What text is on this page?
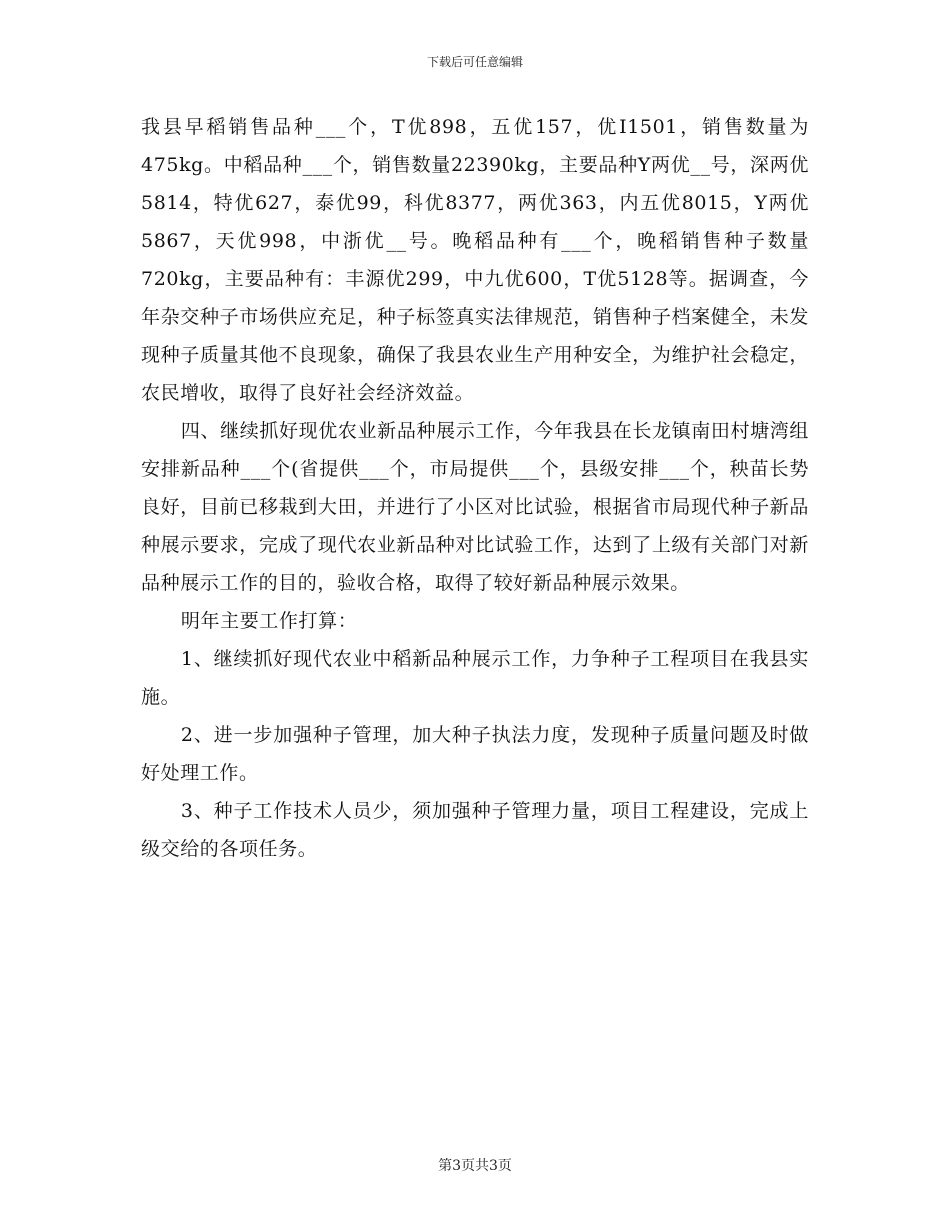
下载后可任意编辑

我县早稻销售品种___个，T优898，五优157，优I1501，销售数量为475kg。中稻品种___个，销售数量22390kg，主要品种Y两优__号，深两优5814，特优627，泰优99，科优8377，两优363，内五优8015，Y两优5867，天优998，中浙优__号。晚稻品种有___个，晚稻销售种子数量720kg，主要品种有：丰源优299，中九优600，T优5128等。据调查，今年杂交种子市场供应充足，种子标签真实法律规范，销售种子档案健全，未发现种子质量其他不良现象，确保了我县农业生产用种安全，为维护社会稳定，农民增收，取得了良好社会经济效益。

四、继续抓好现优农业新品种展示工作，今年我县在长龙镇南田村塘湾组安排新品种___个(省提供___个，市局提供___个，县级安排___个，秧苗长势良好，目前已移栽到大田，并进行了小区对比试验，根据省市局现代种子新品种展示要求，完成了现代农业新品种对比试验工作，达到了上级有关部门对新品种展示工作的目的，验收合格，取得了较好新品种展示效果。

明年主要工作打算：

1、继续抓好现代农业中稻新品种展示工作，力争种子工程项目在我县实施。

2、进一步加强种子管理，加大种子执法力度，发现种子质量问题及时做好处理工作。

3、种子工作技术人员少，须加强种子管理力量，项目工程建设，完成上级交给的各项任务。

第3页共3页
